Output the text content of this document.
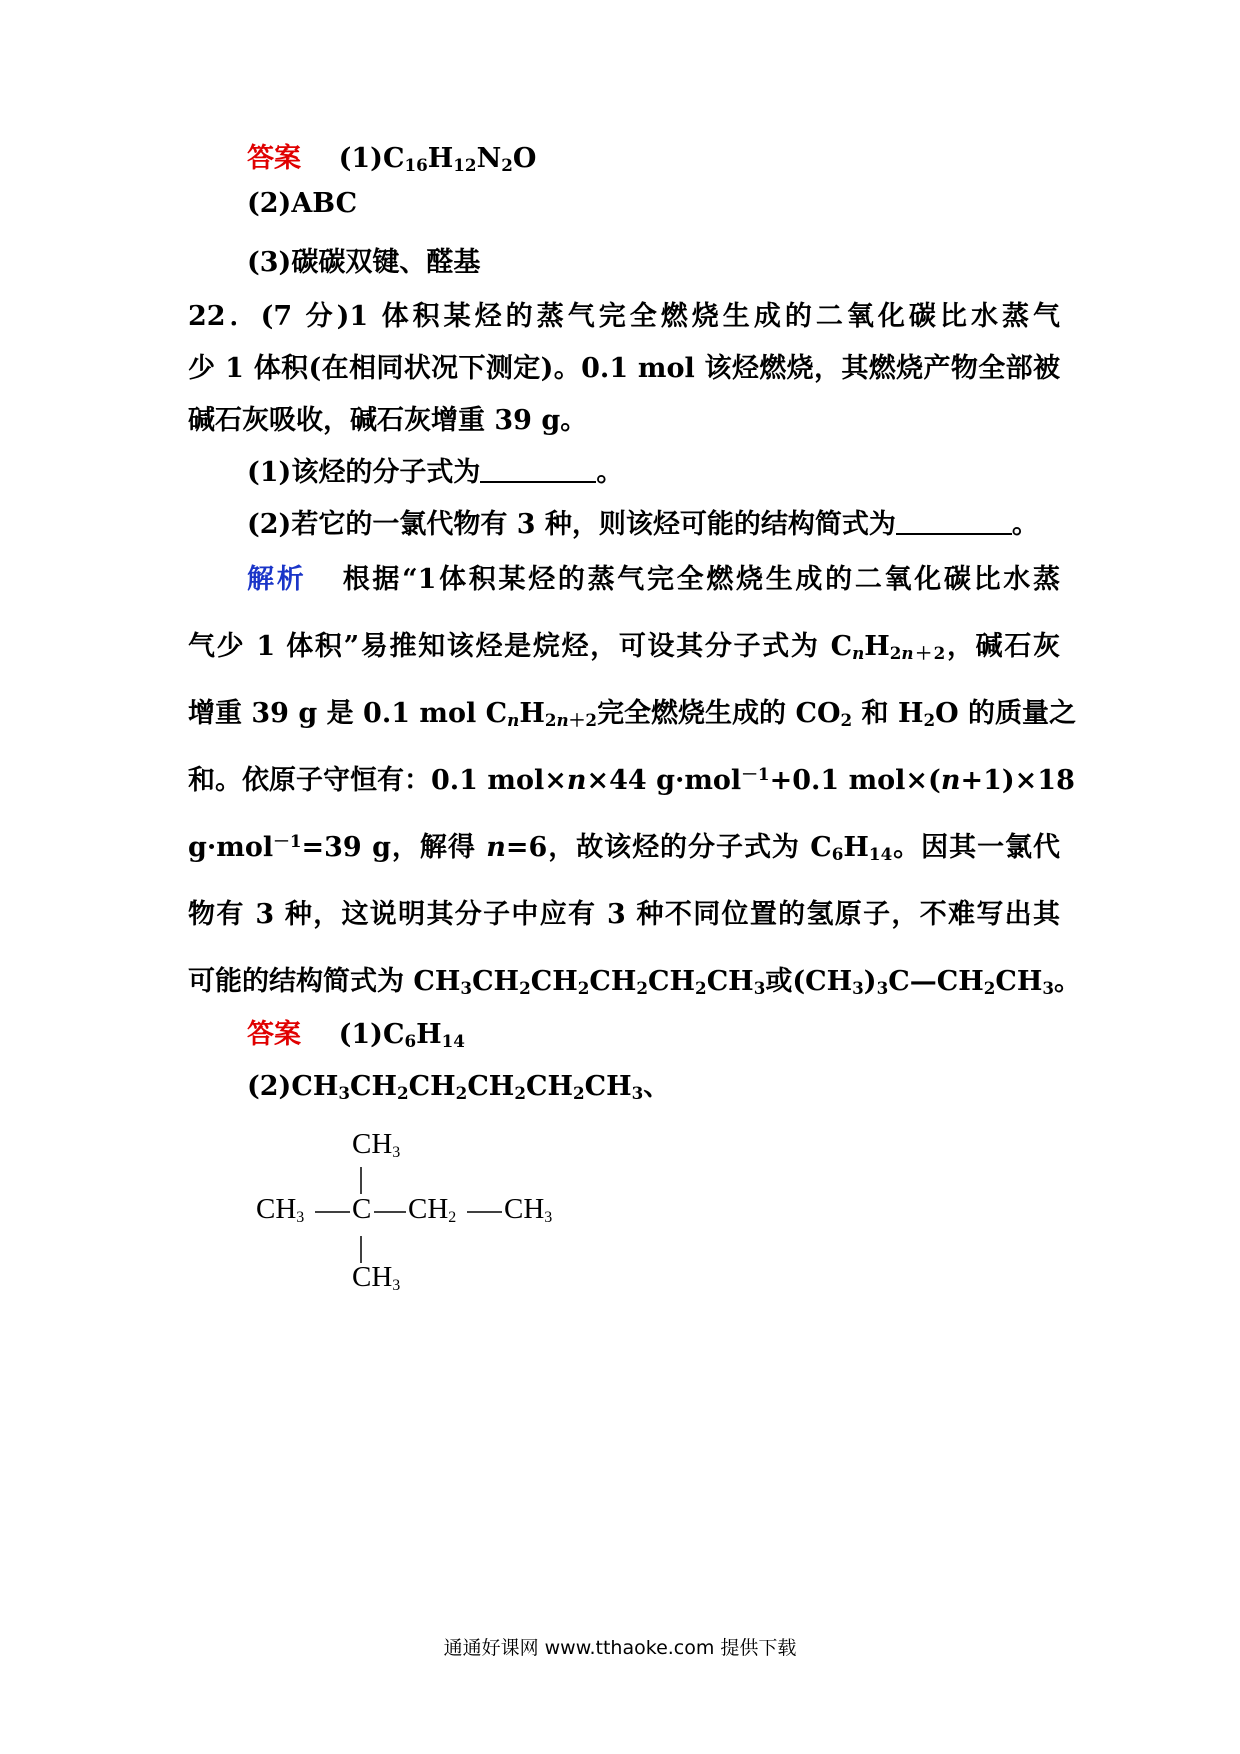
答案 $(1)C_{16}H_{12}N_2O$
(2)ABC
(3)碳碳双键、醛基
22．(7 分)1 体积某烃的蒸气完全燃烧生成的二氧化碳比水蒸气
少 1 体积(在相同状况下测定)。0.1 mol 该烃燃烧，其燃烧产物全部被
碱石灰吸收，碱石灰增重 39 g。
(1)该烃的分子式为	。
(2)若它的一氯代物有 3 种，则该烃可能的结构简式为	。
解析 根据“1体积某烃的蒸气完全燃烧生成的二氧化碳比水蒸
气少 1 体积”易推知该烃是烷烃，可设其分子式为 $C_nH_{2n+2}$，碱石灰
增重 39 g 是 0.1 mol $C_nH_{2n+2}$完全燃烧生成的 $CO_2$ 和 $H_2O$ 的质量之
和。依原子守恒有：0.1 mol×n×44 g·mol$^{-1}$+0.1 mol×(n+1)×18
g·mol$^{-1}$=39 g，解得 n=6，故该烃的分子式为 $C_6H_{14}$。因其一氯代
物有 3 种，这说明其分子中应有 3 种不同位置的氢原子，不难写出其
可能的结构简式为 $CH_3CH_2CH_2CH_2CH_2CH_3$或$(CH_3)_3C—CH_2CH_3$。
答案 $(1)C_6H_{14}$
$(2)CH_3CH_2CH_2CH_2CH_2CH_3$、
$CH_3$
$CH_3$ C $CH_2$ $CH_3$
$CH_3$
通通好课网 www.tthaoke.com 提供下载
